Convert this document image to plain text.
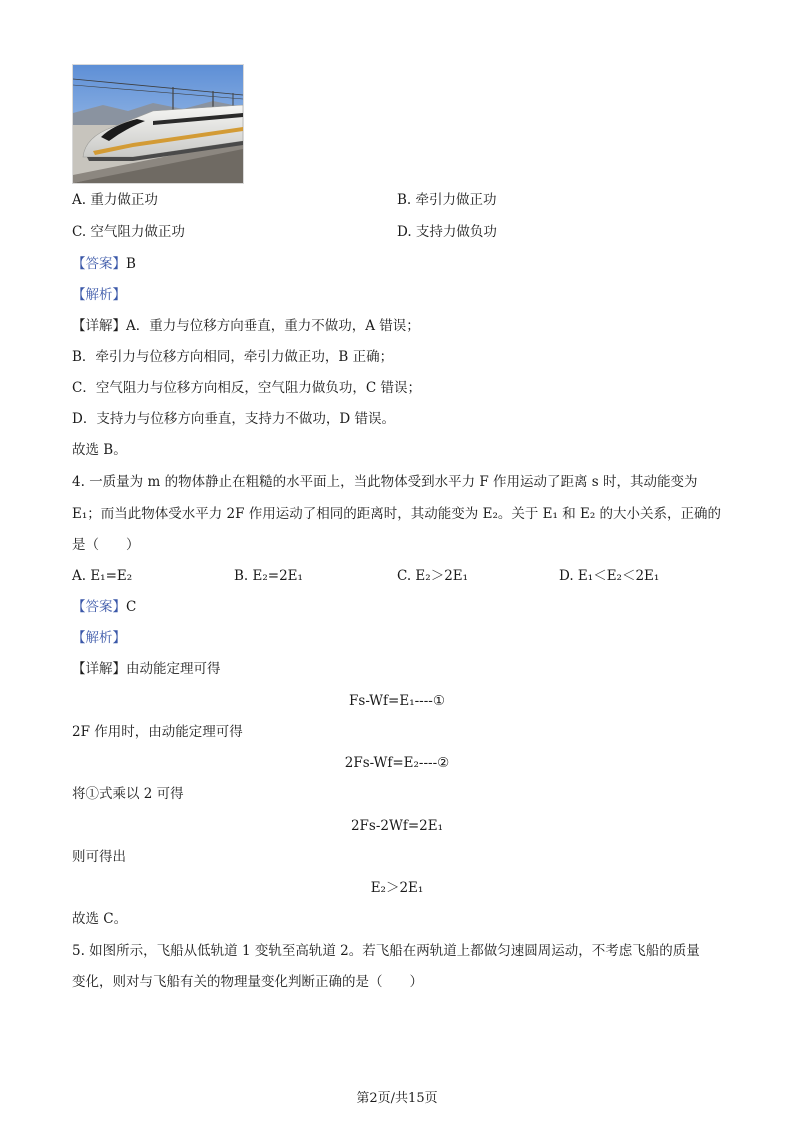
A. 重力做正功	B. 牵引力做正功
C. 空气阻力做正功	D. 支持力做负功
【答案】B
【解析】
【详解】A．重力与位移方向垂直，重力不做功，A 错误；
B．牵引力与位移方向相同，牵引力做正功，B 正确；
C．空气阻力与位移方向相反，空气阻力做负功，C 错误；
D．支持力与位移方向垂直，支持力不做功，D 错误。
故选 B。
4. 一质量为 m 的物体静止在粗糙的水平面上，当此物体受到水平力 F 作用运动了距离 s 时，其动能变为
E₁；而当此物体受水平力 2F 作用运动了相同的距离时，其动能变为 E₂。关于 E₁ 和 E₂ 的大小关系，正确的
是（　　）
A. E₁=E₂	B. E₂=2E₁	C. E₂＞2E₁	D. E₁＜E₂＜2E₁
【答案】C
【解析】
【详解】由动能定理可得
Fs-Wf=E₁----①
2F 作用时，由动能定理可得
2Fs-Wf=E₂----②
将①式乘以 2 可得
2Fs-2Wf=2E₁
则可得出
E₂＞2E₁
故选 C。
5. 如图所示，飞船从低轨道 1 变轨至高轨道 2。若飞船在两轨道上都做匀速圆周运动，不考虑飞船的质量
变化，则对与飞船有关的物理量变化判断正确的是（　　）
第2页/共15页
